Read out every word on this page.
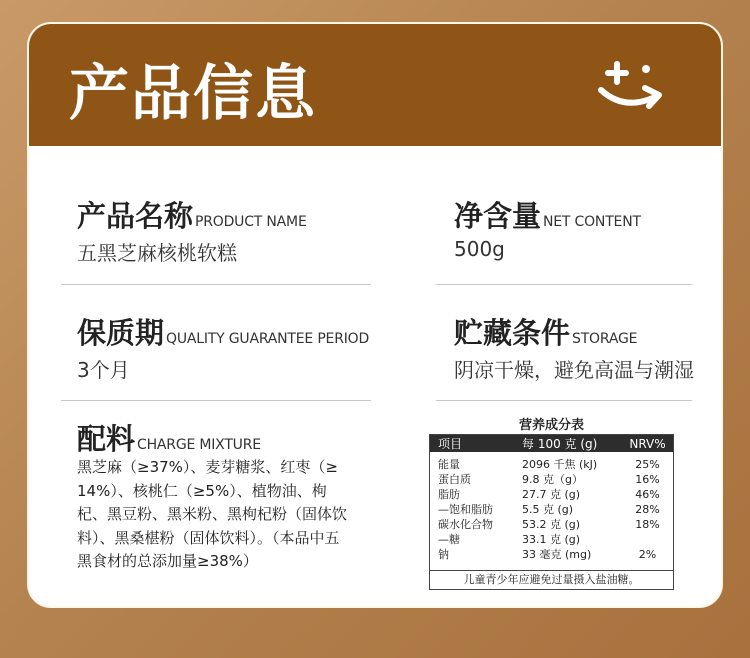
产品信息
产品名称 PRODUCT NAME
五黑芝麻核桃软糕
净含量 NET CONTENT
500g
保质期 QUALITY GUARANTEE PERIOD
3个月
贮藏条件 STORAGE
阴凉干燥，避免高温与潮湿
配料 CHARGE MIXTURE
黑芝麻（≥37%）、麦芽糖浆、红枣（≥
14%）、核桃仁（≥5%）、植物油、枸
杞、黑豆粉、黑米粉、黑枸杞粉（固体饮
料）、黑桑椹粉（固体饮料）。（本品中五
黑食材的总添加量≥38%）
营养成分表
项目	每 100 克 (g)	NRV%
能量	2096 千焦 (kJ)	25%
蛋白质	9.8 克（g）	16%
脂肪	27.7 克 (g)	46%
—饱和脂肪	5.5 克 (g)	28%
碳水化合物	53.2 克 (g)	18%
—糖	33.1 克 (g)
钠	33 毫克 (mg)	2%
儿童青少年应避免过量摄入盐油糖。
